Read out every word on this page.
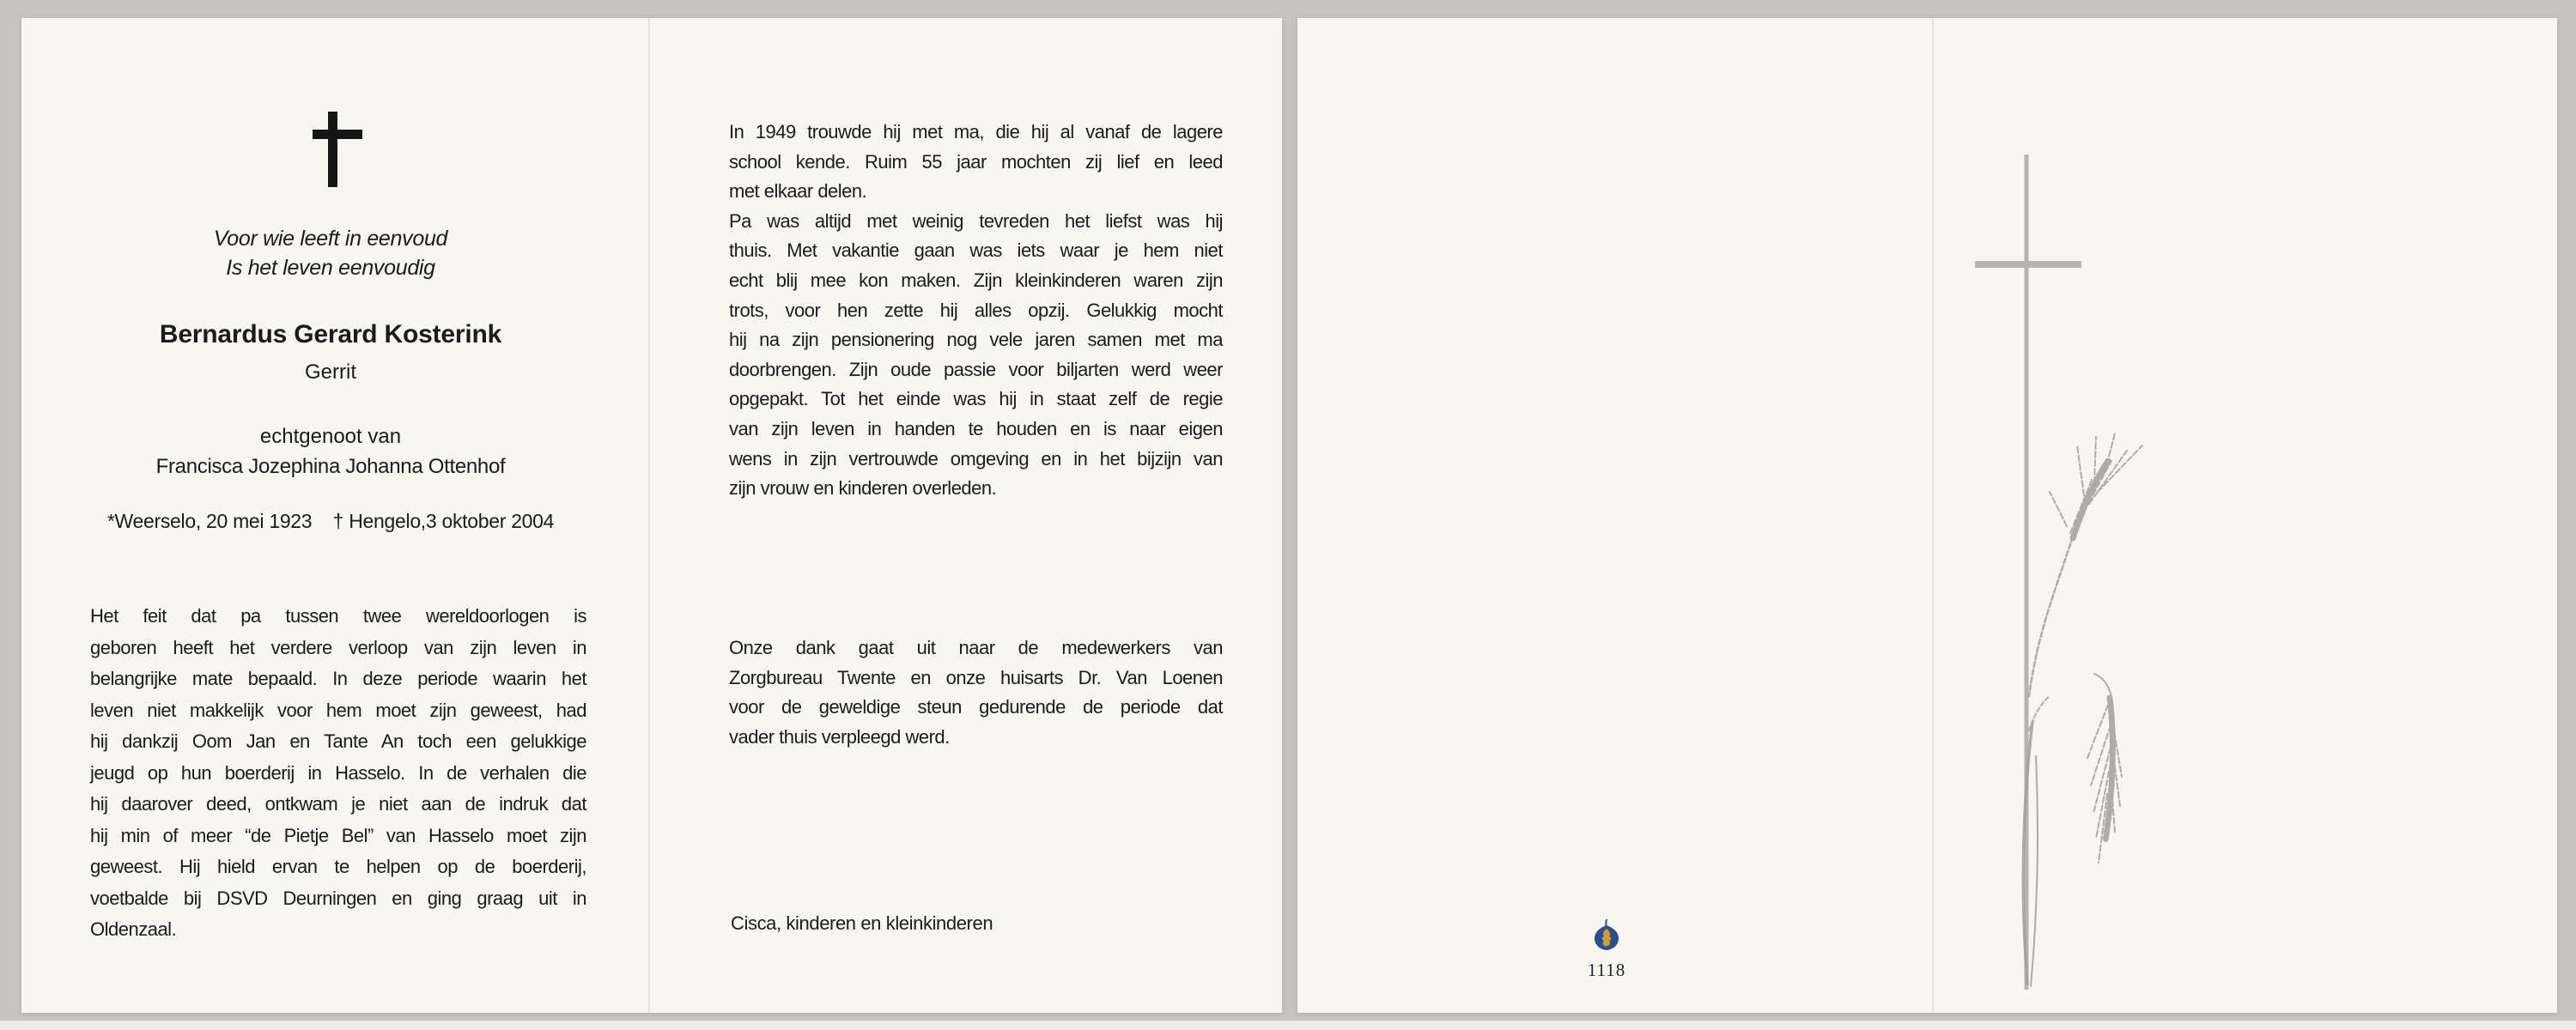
Voor wie leeft in eenvoud
Is het leven eenvoudig
Bernardus Gerard Kosterink
Gerrit
echtgenoot van
Francisca Jozephina Johanna Ottenhof
*Weerselo, 20 mei 1923    † Hengelo,3 oktober 2004
Het feit dat pa tussen twee wereldoorlogen is
geboren heeft het verdere verloop van zijn leven in
belangrijke mate bepaald. In deze periode waarin het
leven niet makkelijk voor hem moet zijn geweest, had
hij dankzij Oom Jan en Tante An toch een gelukkige
jeugd op hun boerderij in Hasselo. In de verhalen die
hij daarover deed, ontkwam je niet aan de indruk dat
hij min of meer “de Pietje Bel” van Hasselo moet zijn
geweest. Hij hield ervan te helpen op de boerderij,
voetbalde bij DSVD Deurningen en ging graag uit in
Oldenzaal.
In 1949 trouwde hij met ma, die hij al vanaf de lagere
school kende. Ruim 55 jaar mochten zij lief en leed
met elkaar delen.
Pa was altijd met weinig tevreden het liefst was hij
thuis. Met vakantie gaan was iets waar je hem niet
echt blij mee kon maken. Zijn kleinkinderen waren zijn
trots, voor hen zette hij alles opzij. Gelukkig mocht
hij na zijn pensionering nog vele jaren samen met ma
doorbrengen. Zijn oude passie voor biljarten werd weer
opgepakt. Tot het einde was hij in staat zelf de regie
van zijn leven in handen te houden en is naar eigen
wens in zijn vertrouwde omgeving en in het bijzijn van
zijn vrouw en kinderen overleden.
Onze dank gaat uit naar de medewerkers van
Zorgbureau Twente en onze huisarts Dr. Van Loenen
voor de geweldige steun gedurende de periode dat
vader thuis verpleegd werd.
Cisca, kinderen en kleinkinderen
1118
